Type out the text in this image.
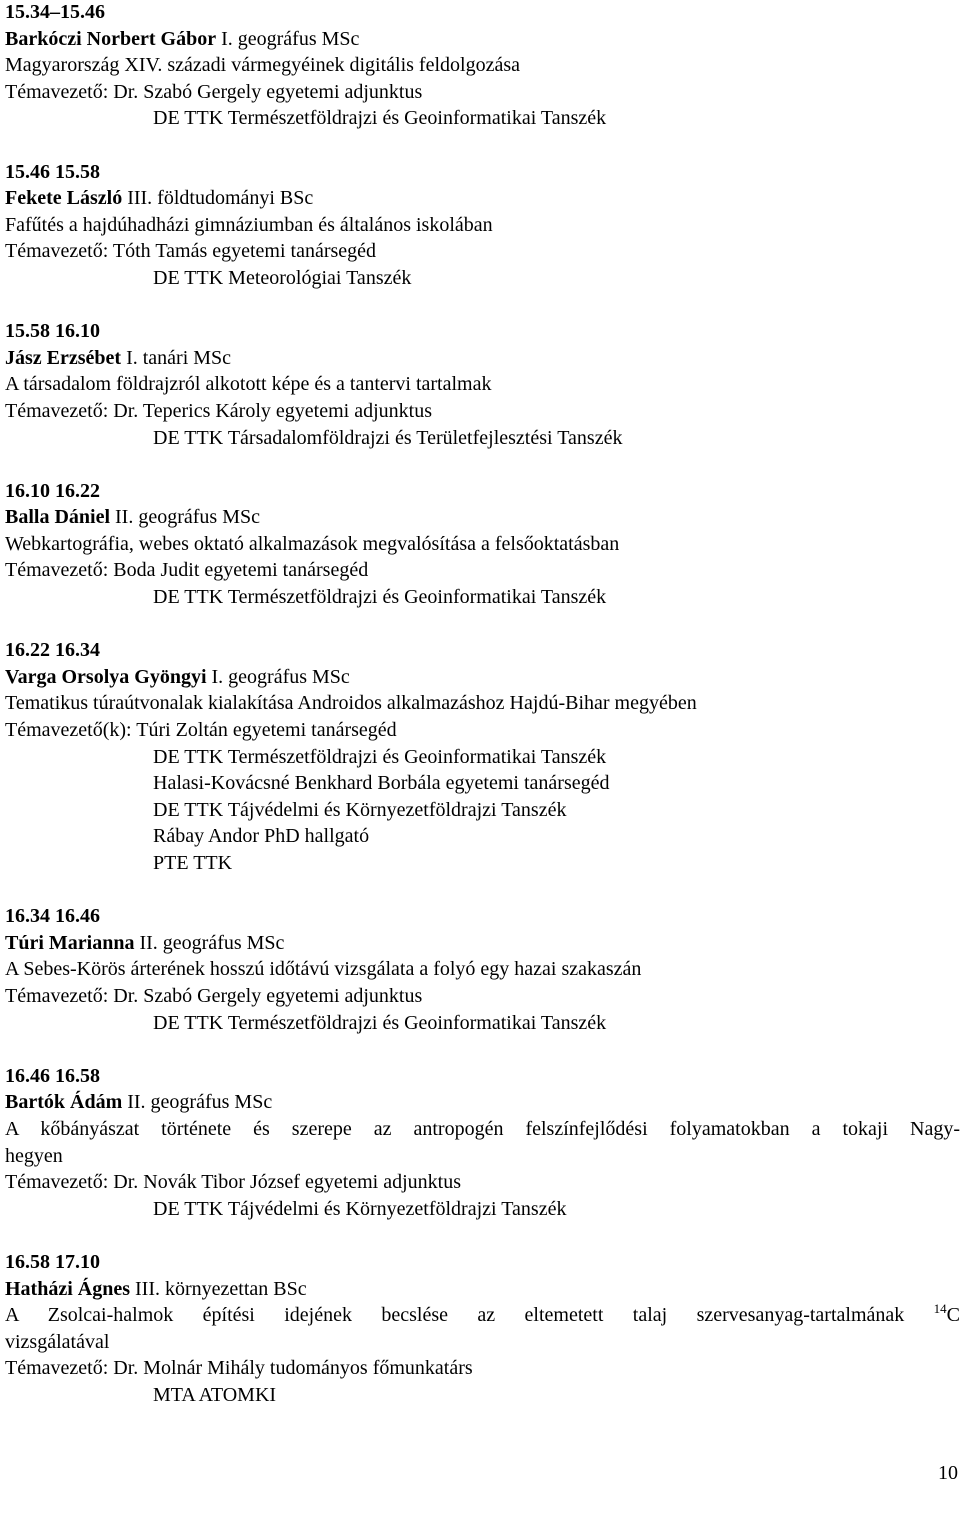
15.34–15.46
Barkóczi Norbert Gábor I. geográfus MSc
Magyarország XIV. századi vármegyéinek digitális feldolgozása
Témavezető: Dr. Szabó Gergely egyetemi adjunktus
DE TTK Természetföldrajzi és Geoinformatikai Tanszék
15.46 15.58
Fekete László III. földtudományi BSc
Fafűtés a hajdúhadházi gimnáziumban és általános iskolában
Témavezető: Tóth Tamás egyetemi tanársegéd
DE TTK Meteorológiai Tanszék
15.58 16.10
Jász Erzsébet I. tanári MSc
A társadalom földrajzról alkotott képe és a tantervi tartalmak
Témavezető: Dr. Teperics Károly egyetemi adjunktus
DE TTK Társadalomföldrajzi és Területfejlesztési Tanszék
16.10 16.22
Balla Dániel II. geográfus MSc
Webkartográfia, webes oktató alkalmazások megvalósítása a felsőoktatásban
Témavezető: Boda Judit egyetemi tanársegéd
DE TTK Természetföldrajzi és Geoinformatikai Tanszék
16.22 16.34
Varga Orsolya Gyöngyi I. geográfus MSc
Tematikus túraútvonalak kialakítása Androidos alkalmazáshoz Hajdú-Bihar megyében
Témavezető(k): Túri Zoltán egyetemi tanársegéd
DE TTK Természetföldrajzi és Geoinformatikai Tanszék
Halasi-Kovácsné Benkhard Borbála egyetemi tanársegéd
DE TTK Tájvédelmi és Környezetföldrajzi Tanszék
Rábay Andor PhD hallgató
PTE TTK
16.34 16.46
Túri Marianna II. geográfus MSc
A Sebes-Körös árterének hosszú időtávú vizsgálata a folyó egy hazai szakaszán
Témavezető: Dr. Szabó Gergely egyetemi adjunktus
DE TTK Természetföldrajzi és Geoinformatikai Tanszék
16.46 16.58
Bartók Ádám II. geográfus MSc
A kőbányászat története és szerepe az antropogén felszínfejlődési folyamatokban a tokaji Nagy-
hegyen
Témavezető: Dr. Novák Tibor József egyetemi adjunktus
DE TTK Tájvédelmi és Környezetföldrajzi Tanszék
16.58 17.10
Hatházi Ágnes III. környezettan BSc
A Zsolcai-halmok építési idejének becslése az eltemetett talaj szervesanyag-tartalmának $^{14}$C
vizsgálatával
Témavezető: Dr. Molnár Mihály tudományos főmunkatárs
MTA ATOMKI
10
